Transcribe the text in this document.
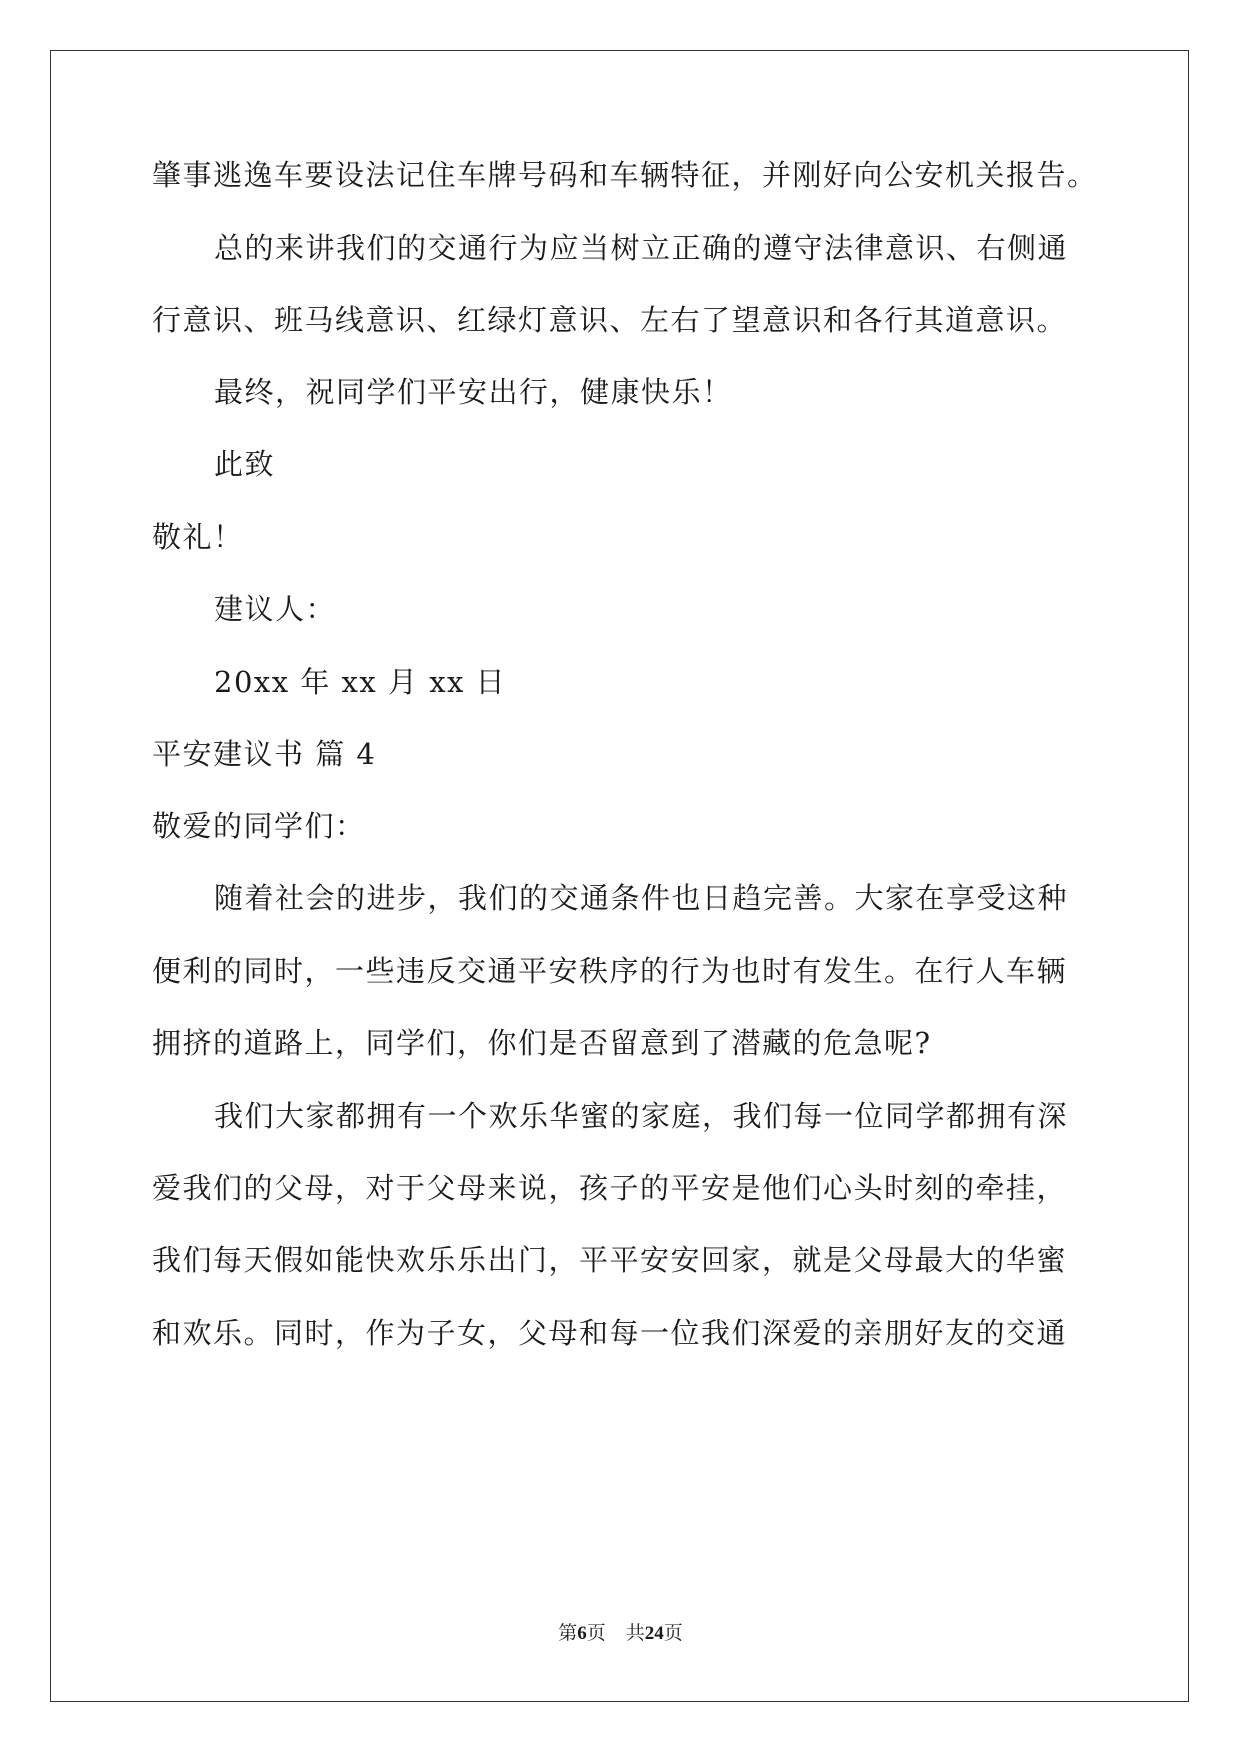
肇事逃逸车要设法记住车牌号码和车辆特征，并刚好向公安机关报告。
总的来讲我们的交通行为应当树立正确的遵守法律意识、右侧通
行意识、班马线意识、红绿灯意识、左右了望意识和各行其道意识。
最终，祝同学们平安出行，健康快乐！
此致
敬礼！
建议人：
20xx 年 xx 月 xx 日
平安建议书 篇 4
敬爱的同学们：
随着社会的进步，我们的交通条件也日趋完善。大家在享受这种
便利的同时，一些违反交通平安秩序的行为也时有发生。在行人车辆
拥挤的道路上，同学们，你们是否留意到了潜藏的危急呢?
我们大家都拥有一个欢乐华蜜的家庭，我们每一位同学都拥有深
爱我们的父母，对于父母来说，孩子的平安是他们心头时刻的牵挂，
我们每天假如能快欢乐乐出门，平平安安回家，就是父母最大的华蜜
和欢乐。同时，作为子女，父母和每一位我们深爱的亲朋好友的交通
第6页 共24页
